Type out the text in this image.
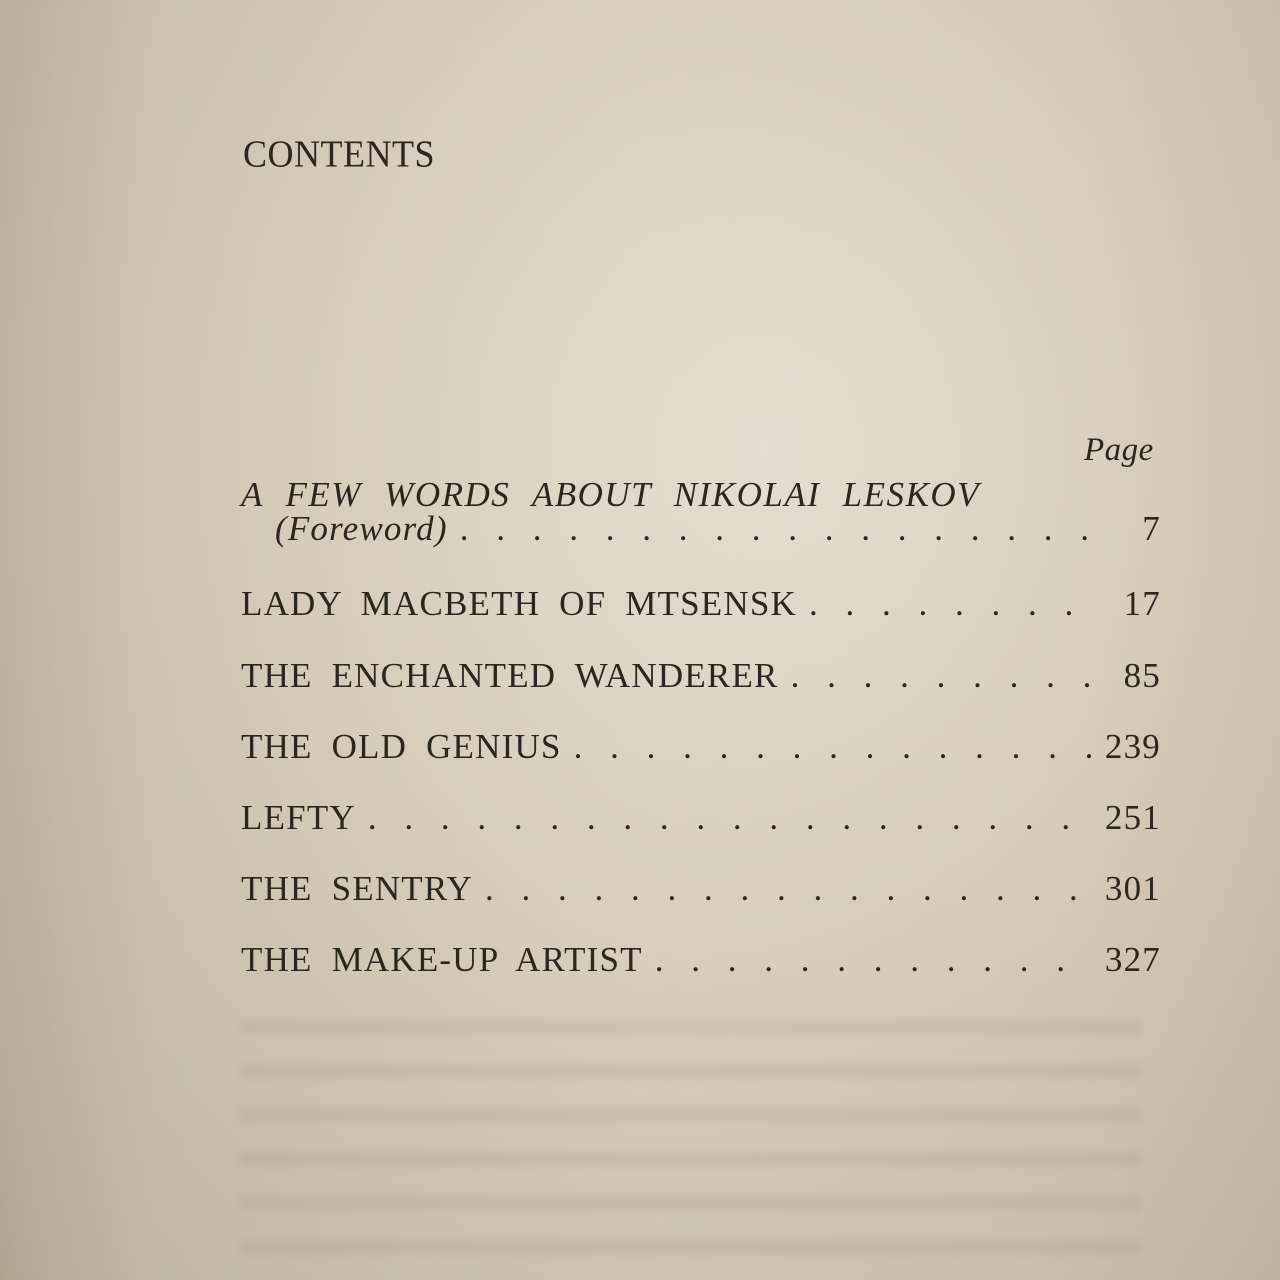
CONTENTS
Page
A FEW WORDS ABOUT NIKOLAI LESKOV
(Foreword) . . .	7
LADY MACBETH OF MTSENSK . . .	17
THE ENCHANTED WANDERER . . .	85
THE OLD GENIUS . . .	239
LEFTY . . .	251
THE SENTRY . . .	301
THE MAKE-UP ARTIST . . .	327
